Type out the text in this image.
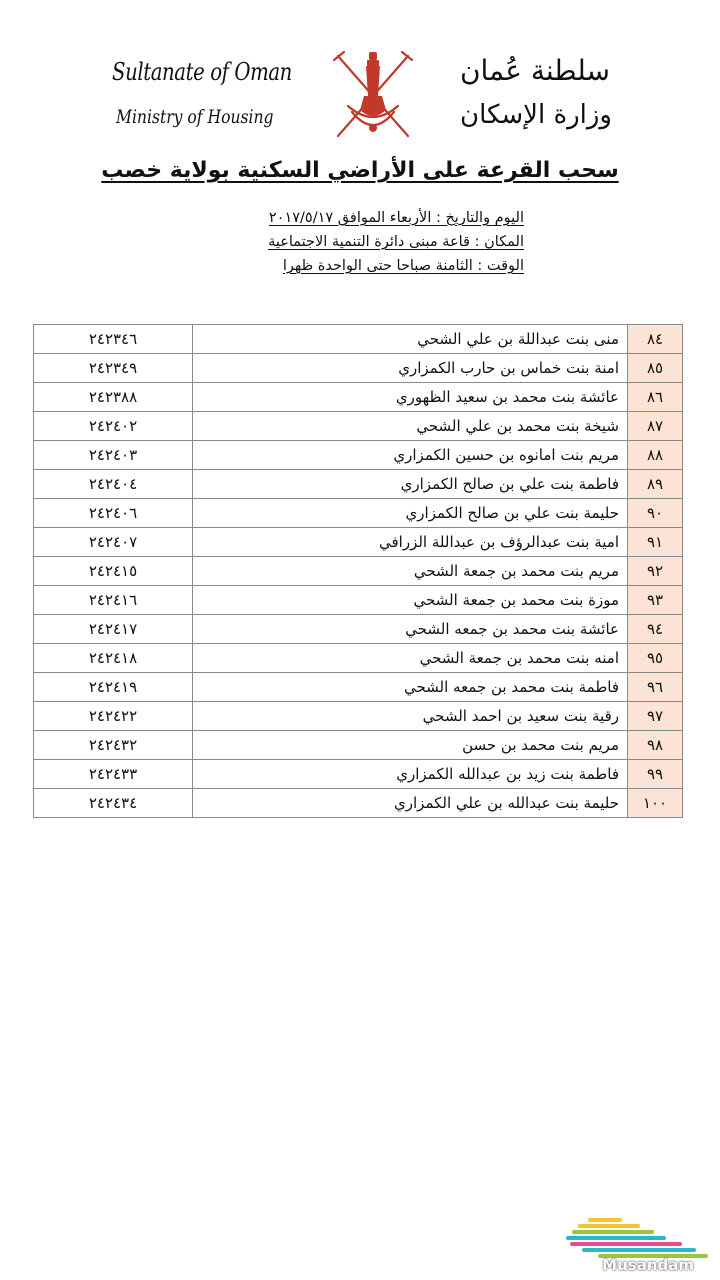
Sultanate of Oman
Ministry of Housing
سلطنة عُمان
وزارة الإسكان
سحب القرعة على الأراضي السكنية بولاية خصب
اليوم والتاريخ : الأربعاء الموافق ٢٠١٧/٥/١٧
المكان : قاعة مبنى دائرة التنمية الاجتماعية
الوقت : الثامنة صباحا حتى الواحدة ظهرا
٨٤	منى بنت عبداللة بن علي الشحي	٢٤٢٣٤٦
٨٥	امنة بنت خماس بن حارب الكمزاري	٢٤٢٣٤٩
٨٦	عائشة بنت محمد بن سعيد الظهوري	٢٤٢٣٨٨
٨٧	شيخة بنت محمد بن علي الشحي	٢٤٢٤٠٢
٨٨	مريم بنت امانوه بن حسين الكمزاري	٢٤٢٤٠٣
٨٩	فاطمة بنت علي بن صالح الكمزاري	٢٤٢٤٠٤
٩٠	حليمة بنت علي بن صالح الكمزاري	٢٤٢٤٠٦
٩١	امية بنت عبدالرؤف بن عبداللة الزرافي	٢٤٢٤٠٧
٩٢	مريم بنت محمد بن جمعة الشحي	٢٤٢٤١٥
٩٣	موزة بنت محمد بن جمعة الشحي	٢٤٢٤١٦
٩٤	عائشة بنت محمد بن جمعه الشحي	٢٤٢٤١٧
٩٥	امنه بنت محمد بن جمعة الشحي	٢٤٢٤١٨
٩٦	فاطمة بنت محمد بن جمعه الشحي	٢٤٢٤١٩
٩٧	رقية بنت سعيد بن احمد الشحي	٢٤٢٤٢٢
٩٨	مريم بنت محمد بن حسن	٢٤٢٤٣٢
٩٩	فاطمة بنت زيد بن عبدالله الكمزاري	٢٤٢٤٣٣
١٠٠	حليمة بنت عبدالله بن علي الكمزاري	٢٤٢٤٣٤
Musandam
